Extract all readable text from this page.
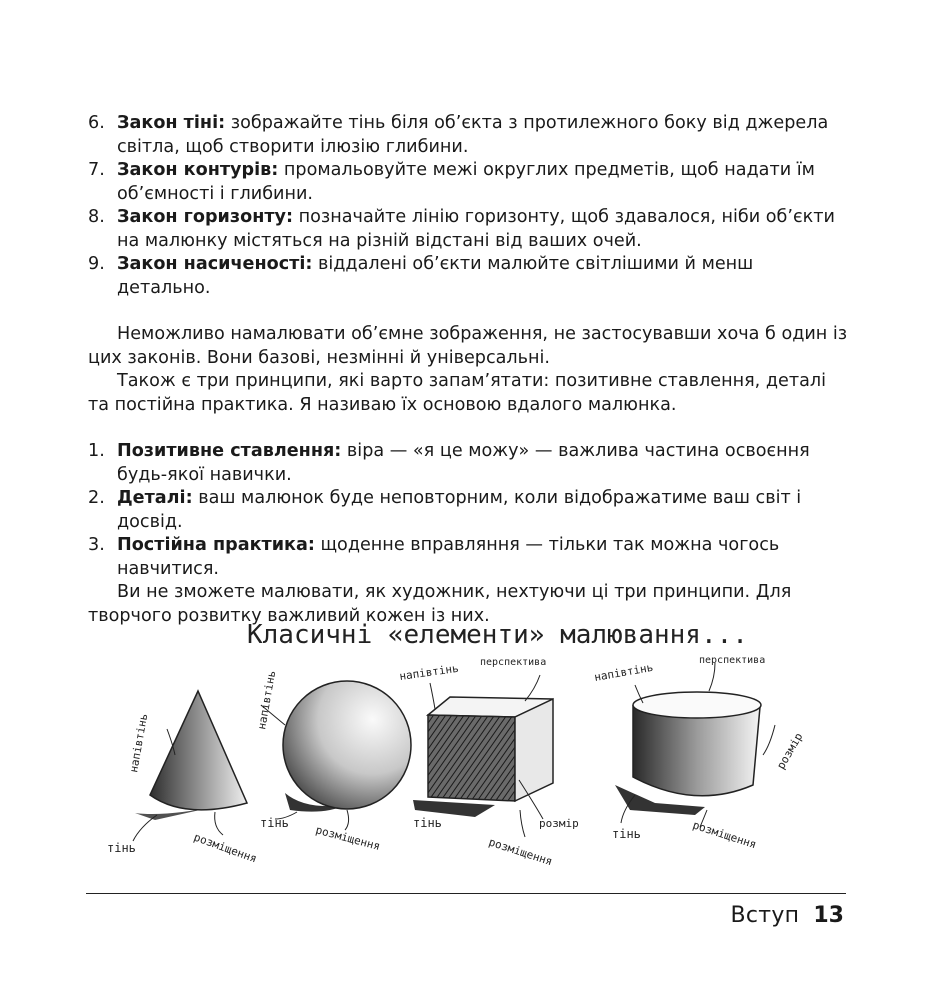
6. Закон тіні: зображайте тінь біля об’єкта з протилежного боку від джерела світла, щоб створити ілюзію глибини.
7. Закон контурів: промальовуйте межі округлих предметів, щоб надати їм об’ємності і глибини.
8. Закон горизонту: позначайте лінію горизонту, щоб здавалося, ніби об’єкти на малюнку містяться на різній відстані від ваших очей.
9. Закон насиченості: віддалені об’єкти малюйте світлішими й менш детально.
Неможливо намалювати об’ємне зображення, не застосувавши хоча б один із цих законів. Вони базові, незмінні й універсальні.
Також є три принципи, які варто запам’ятати: позитивне ставлення, деталі та постійна практика. Я називаю їх основою вдалого малюнка.
1. Позитивне ставлення: віра — «я це можу» — важлива частина освоєння будь-якої навички.
2. Деталі: ваш малюнок буде неповторним, коли відображатиме ваш світ і досвід.
3. Постійна практика: щоденне вправляння — тільки так можна чогось навчитися.
Ви не зможете малювати, як художник, нехтуючи ці три принципи. Для творчого розвитку важливий кожен із них.
Класичні «елементи» малювання...
напівтінь
тінь	розміщення
напівтінь
тінь
розміщення
напівтінь перспектива
розмір
тінь
розміщення
напівтінь
перспектива
розмір
тінь	розміщення
Вступ 13
